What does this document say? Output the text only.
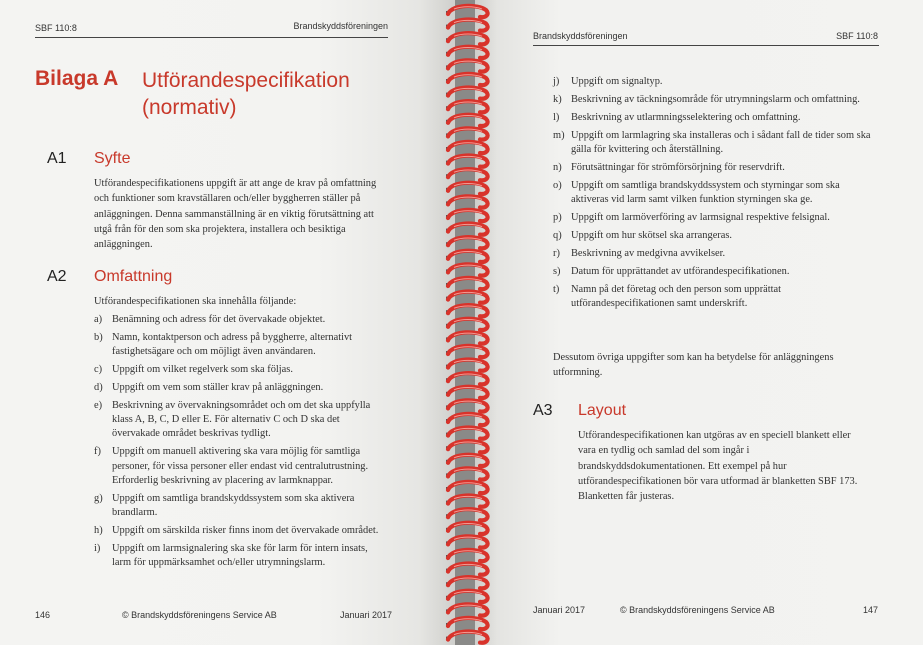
SBF 110:8	Brandskyddsföreningen
Bilaga A Utförandespecifikation (normativ)
A1 Syfte
Utförandespecifikationens uppgift är att ange de krav på omfattning och funktioner som kravställaren och/eller byggherren ställer på anläggningen. Denna sammanställning är en viktig förutsättning att utgå från för den som ska projektera, installera och besiktiga anläggningen.
A2 Omfattning
Utförandespecifikationen ska innehålla följande:
a) Benämning och adress för det övervakade objektet.
b) Namn, kontaktperson och adress på byggherre, alternativt fastighetsägare och om möjligt även användaren.
c) Uppgift om vilket regelverk som ska följas.
d) Uppgift om vem som ställer krav på anläggningen.
e) Beskrivning av övervakningsområdet och om det ska uppfylla klass A, B, C, D eller E. För alternativ C och D ska det övervakade området beskrivas tydligt.
f) Uppgift om manuell aktivering ska vara möjlig för samtliga personer, för vissa personer eller endast vid centralutrustning. Erforderlig beskrivning av placering av larmknappar.
g) Uppgift om samtliga brandskyddssystem som ska aktivera brandlarm.
h) Uppgift om särskilda risker finns inom det övervakade området.
i) Uppgift om larmsignalering ska ske för larm för intern insats, larm för uppmärksamhet och/eller utrymningslarm.
146	© Brandskyddsföreningens Service AB	Januari 2017
Brandskyddsföreningen	SBF 110:8
j) Uppgift om signaltyp.
k) Beskrivning av täckningsområde för utrymningslarm och omfattning.
l) Beskrivning av utlarmningsselektering och omfattning.
m) Uppgift om larmlagring ska installeras och i sådant fall de tider som ska gälla för kvittering och återställning.
n) Förutsättningar för strömförsörjning för reservdrift.
o) Uppgift om samtliga brandskyddssystem och styrningar som ska aktiveras vid larm samt vilken funktion styrningen ska ge.
p) Uppgift om larmöverföring av larmsignal respektive felsignal.
q) Uppgift om hur skötsel ska arrangeras.
r) Beskrivning av medgivna avvikelser.
s) Datum för upprättandet av utförandespecifikationen.
t) Namn på det företag och den person som upprättat utförandespecifikationen samt underskrift.
Dessutom övriga uppgifter som kan ha betydelse för anläggningens utformning.
A3 Layout
Utförandespecifikationen kan utgöras av en speciell blankett eller vara en tydlig och samlad del som ingår i brandskyddsdokumentationen. Ett exempel på hur utförandespecifikationen bör vara utformad är blanketten SBF 173. Blanketten får justeras.
Januari 2017	© Brandskyddsföreningens Service AB	147
